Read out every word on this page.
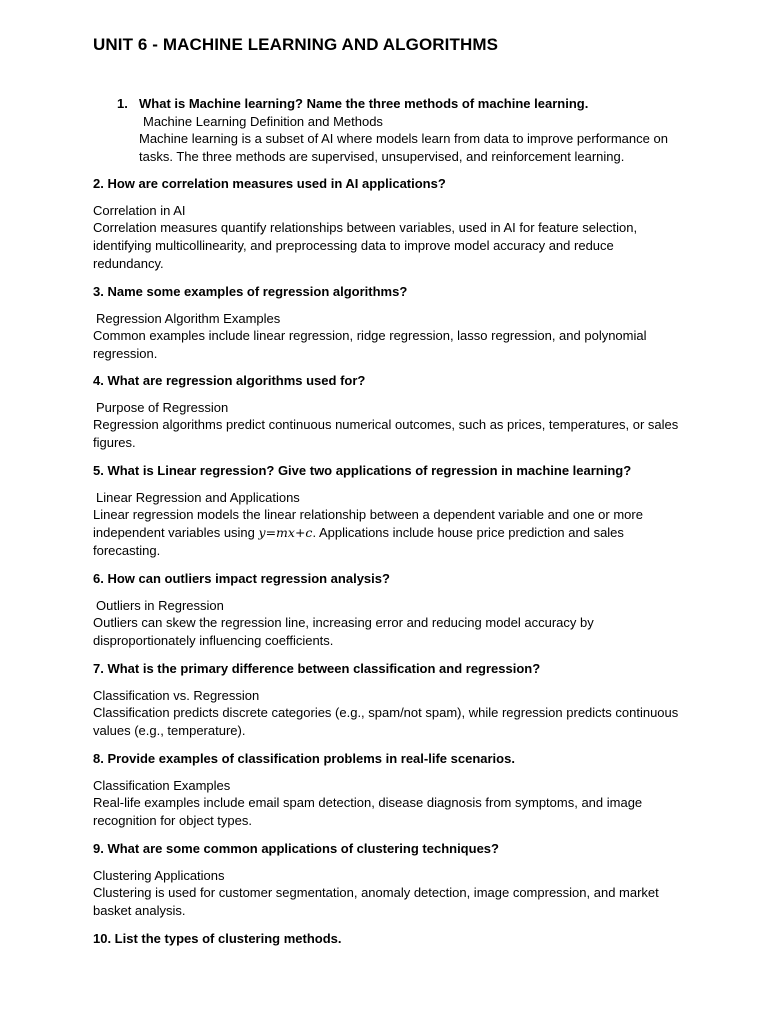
UNIT 6 - MACHINE LEARNING AND ALGORITHMS
1. What is Machine learning? Name the three methods of machine learning.
Machine Learning Definition and Methods
Machine learning is a subset of AI where models learn from data to improve performance on tasks. The three methods are supervised, unsupervised, and reinforcement learning.
2. How are correlation measures used in AI applications?
Correlation in AI
Correlation measures quantify relationships between variables, used in AI for feature selection, identifying multicollinearity, and preprocessing data to improve model accuracy and reduce redundancy.
3. Name some examples of regression algorithms?
Regression Algorithm Examples
Common examples include linear regression, ridge regression, lasso regression, and polynomial regression.
4. What are regression algorithms used for?
Purpose of Regression
Regression algorithms predict continuous numerical outcomes, such as prices, temperatures, or sales figures.
5. What is Linear regression? Give two applications of regression in machine learning?
Linear Regression and Applications
Linear regression models the linear relationship between a dependent variable and one or more independent variables using y=mx+c. Applications include house price prediction and sales forecasting.
6. How can outliers impact regression analysis?
Outliers in Regression
Outliers can skew the regression line, increasing error and reducing model accuracy by disproportionately influencing coefficients.
7. What is the primary difference between classification and regression?
Classification vs. Regression
Classification predicts discrete categories (e.g., spam/not spam), while regression predicts continuous values (e.g., temperature).
8. Provide examples of classification problems in real-life scenarios.
Classification Examples
Real-life examples include email spam detection, disease diagnosis from symptoms, and image recognition for object types.
9. What are some common applications of clustering techniques?
Clustering Applications
Clustering is used for customer segmentation, anomaly detection, image compression, and market basket analysis.
10. List the types of clustering methods.
